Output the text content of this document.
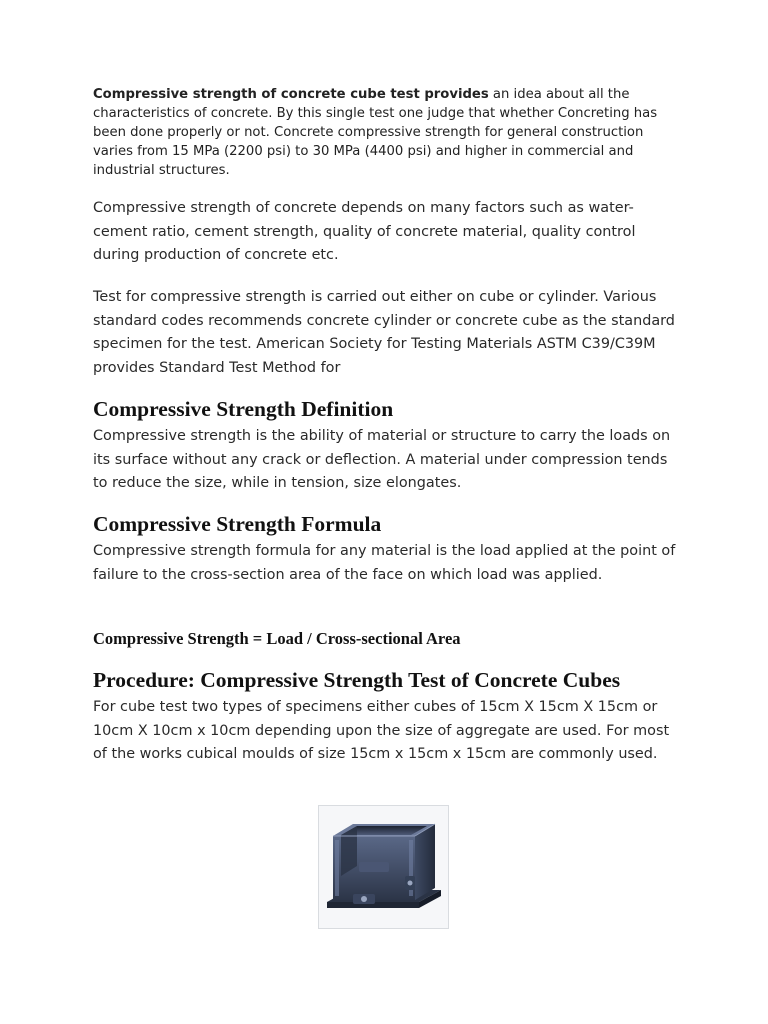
Compressive strength of concrete cube test provides an idea about all the characteristics of concrete. By this single test one judge that whether Concreting has been done properly or not. Concrete compressive strength for general construction varies from 15 MPa (2200 psi) to 30 MPa (4400 psi) and higher in commercial and industrial structures.

Compressive strength of concrete depends on many factors such as water-cement ratio, cement strength, quality of concrete material, quality control during production of concrete etc.

Test for compressive strength is carried out either on cube or cylinder. Various standard codes recommends concrete cylinder or concrete cube as the standard specimen for the test. American Society for Testing Materials ASTM C39/C39M provides Standard Test Method for

Compressive Strength Definition

Compressive strength is the ability of material or structure to carry the loads on its surface without any crack or deflection. A material under compression tends to reduce the size, while in tension, size elongates.

Compressive Strength Formula

Compressive strength formula for any material is the load applied at the point of failure to the cross-section area of the face on which load was applied.

Compressive Strength = Load / Cross-sectional Area

Procedure: Compressive Strength Test of Concrete Cubes

For cube test two types of specimens either cubes of 15cm X 15cm X 15cm or 10cm X 10cm x 10cm depending upon the size of aggregate are used. For most of the works cubical moulds of size 15cm x 15cm x 15cm are commonly used.
